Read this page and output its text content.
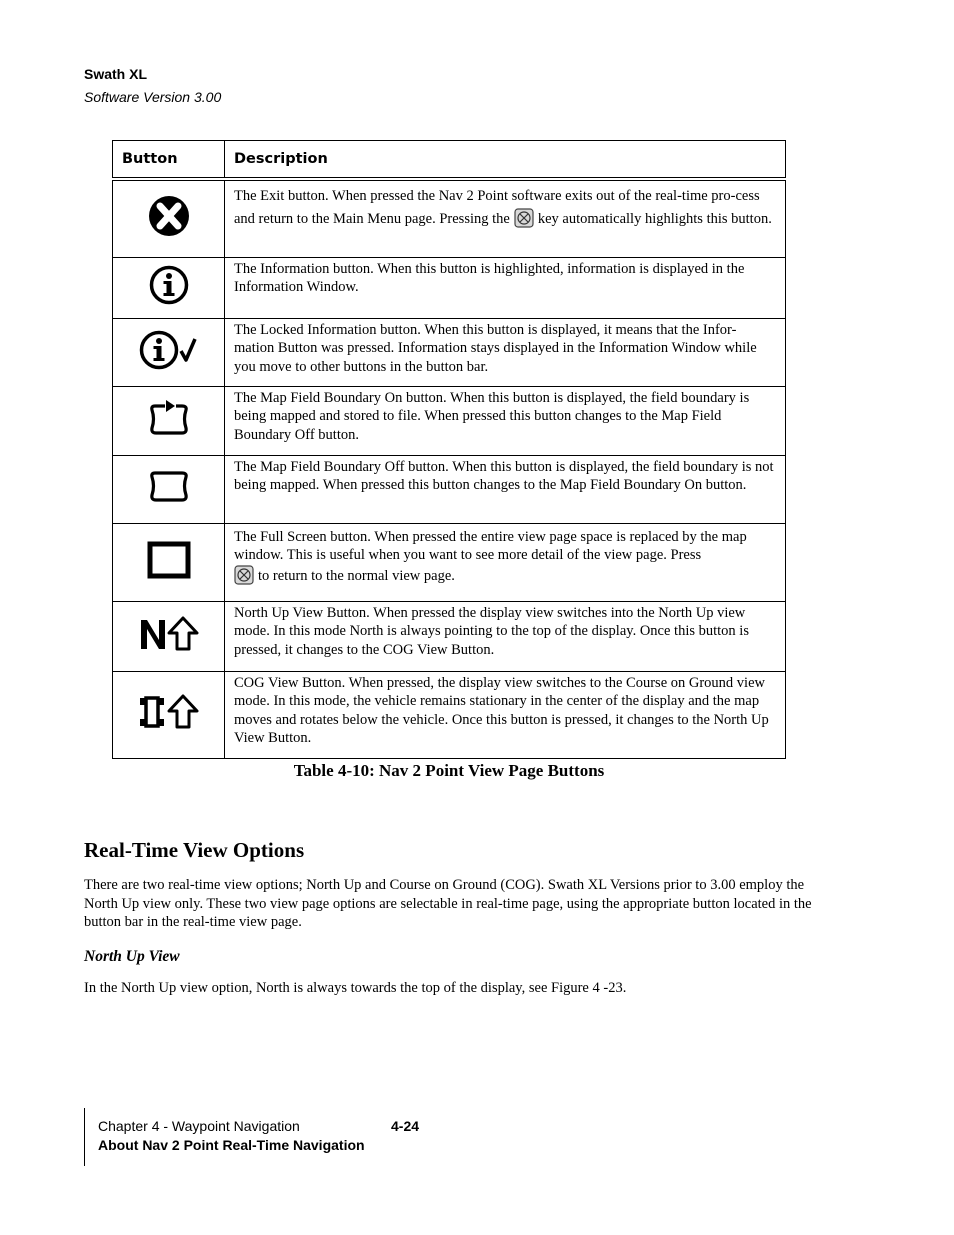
Swath XL
Software Version 3.00
Button	Description
	The Exit button. When pressed the Nav 2 Point software exits out of the real-time pro-cess and return to the Main Menu page. Pressing the key automatically highlights this button.
	The Information button. When this button is highlighted, information is displayed in the Information Window.
	The Locked Information button. When this button is displayed, it means that the Infor-mation Button was pressed. Information stays displayed in the Information Window while you move to other buttons in the button bar.
	The Map Field Boundary On button. When this button is displayed, the field boundary is being mapped and stored to file. When pressed this button changes to the Map Field Boundary Off button.
	The Map Field Boundary Off button. When this button is displayed, the field boundary is not being mapped. When pressed this button changes to the Map Field Boundary On button.
	The Full Screen button. When pressed the entire view page space is replaced by the map window. This is useful when you want to see more detail of the view page. Press
to return to the normal view page.
	North Up View Button. When pressed the display view switches into the North Up view mode. In this mode North is always pointing to the top of the display. Once this button is pressed, it changes to the COG View Button.
	COG View Button. When pressed, the display view switches to the Course on Ground view mode. In this mode, the vehicle remains stationary in the center of the display and the map moves and rotates below the vehicle. Once this button is pressed, it changes to the North Up View Button.
Table 4-10: Nav 2 Point View Page Buttons
Real-Time View Options
There are two real-time view options; North Up and Course on Ground (COG). Swath XL Versions prior to 3.00 employ the North Up view only. These two view page options are selectable in real-time page, using the appropriate button located in the button bar in the real-time view page.
North Up View
In the North Up view option, North is always towards the top of the display, see Figure 4 -23.
Chapter 4 - Waypoint Navigation	4-24
About Nav 2 Point Real-Time Navigation
